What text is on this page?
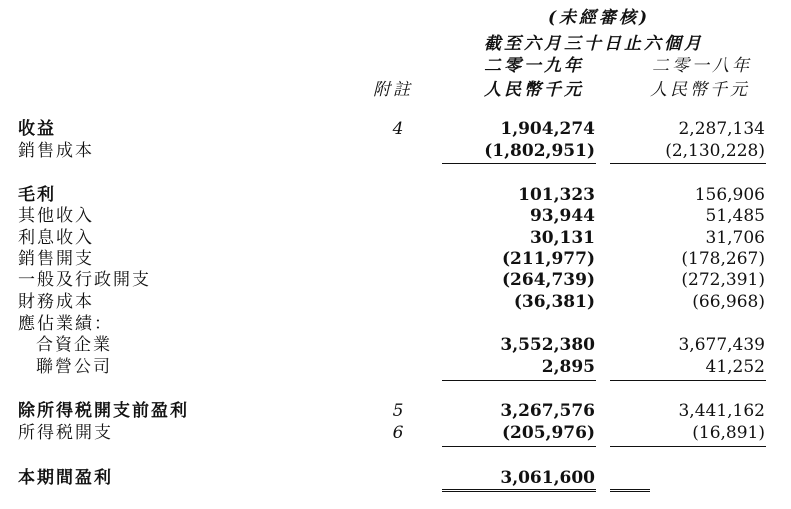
(未經審核)
截至六月三十日止六個月
二零一九年	二零一八年
附註	人民幣千元	人民幣千元
收益	4	1,904,274	2,287,134
銷售成本	(1,802,951)	(2,130,228)
毛利	101,323	156,906
其他收入	93,944	51,485
利息收入	30,131	31,706
銷售開支	(211,977)	(178,267)
一般及行政開支	(264,739)	(272,391)
財務成本	(36,381)	(66,968)
應佔業績：
合資企業	3,552,380	3,677,439
聯營公司	2,895	41,252
除所得税開支前盈利	5	3,267,576	3,441,162
所得税開支	6	(205,976)	(16,891)
本期間盈利	3,061,600
